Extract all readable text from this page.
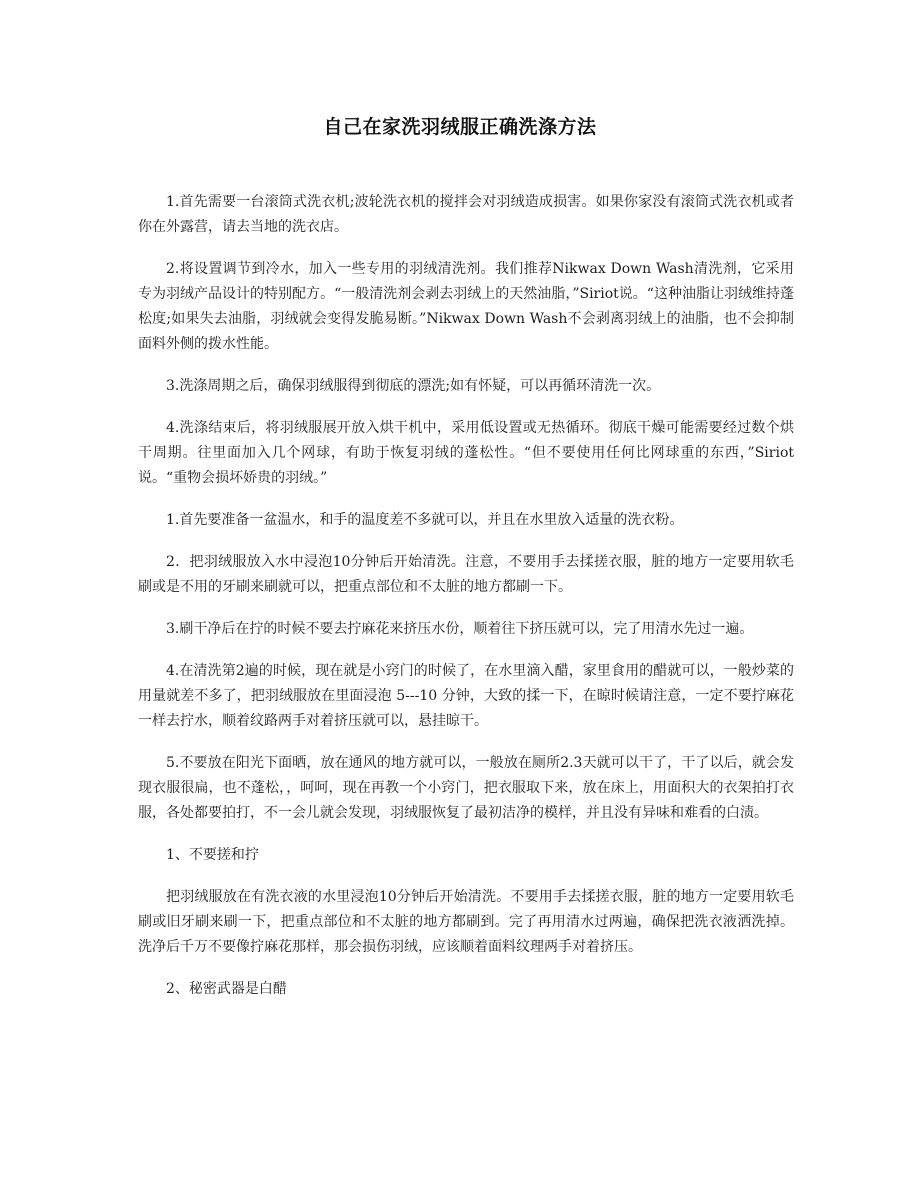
自己在家洗羽绒服正确洗涤方法

1.首先需要一台滚筒式洗衣机;波轮洗衣机的搅拌会对羽绒造成损害。如果你家没有滚筒式洗衣机或者你在外露营，请去当地的洗衣店。

2.将设置调节到冷水，加入一些专用的羽绒清洗剂。我们推荐Nikwax Down Wash清洗剂，它采用专为羽绒产品设计的特别配方。“一般清洗剂会剥去羽绒上的天然油脂，”Siriot说。“这种油脂让羽绒维持蓬松度;如果失去油脂，羽绒就会变得发脆易断。”Nikwax Down Wash不会剥离羽绒上的油脂，也不会抑制面料外侧的拨水性能。

3.洗涤周期之后，确保羽绒服得到彻底的漂洗;如有怀疑，可以再循环清洗一次。

4.洗涤结束后，将羽绒服展开放入烘干机中，采用低设置或无热循环。彻底干燥可能需要经过数个烘干周期。往里面加入几个网球，有助于恢复羽绒的蓬松性。“但不要使用任何比网球重的东西，”Siriot说。“重物会损坏娇贵的羽绒。”

1.首先要准备一盆温水，和手的温度差不多就可以，并且在水里放入适量的洗衣粉。

2．把羽绒服放入水中浸泡10分钟后开始清洗。注意，不要用手去揉搓衣服，脏的地方一定要用软毛刷或是不用的牙刷来刷就可以，把重点部位和不太脏的地方都刷一下。

3.刷干净后在拧的时候不要去拧麻花来挤压水份，顺着往下挤压就可以，完了用清水先过一遍。

4.在清洗第2遍的时候，现在就是小窍门的时候了，在水里滴入醋，家里食用的醋就可以，一般炒菜的用量就差不多了，把羽绒服放在里面浸泡 5---10 分钟，大致的揉一下，在晾时候请注意，一定不要拧麻花一样去拧水，顺着纹路两手对着挤压就可以，悬挂晾干。

5.不要放在阳光下面晒，放在通风的地方就可以，一般放在厕所2.3天就可以干了，干了以后，就会发现衣服很扁，也不蓬松，，呵呵，现在再教一个小窍门，把衣服取下来，放在床上，用面积大的衣架拍打衣服，各处都要拍打，不一会儿就会发现，羽绒服恢复了最初洁净的模样，并且没有异味和难看的白渍。

1、不要搓和拧

把羽绒服放在有洗衣液的水里浸泡10分钟后开始清洗。不要用手去揉搓衣服，脏的地方一定要用软毛刷或旧牙刷来刷一下，把重点部位和不太脏的地方都刷到。完了再用清水过两遍，确保把洗衣液洒洗掉。洗净后千万不要像拧麻花那样，那会损伤羽绒，应该顺着面料纹理两手对着挤压。

2、秘密武器是白醋
